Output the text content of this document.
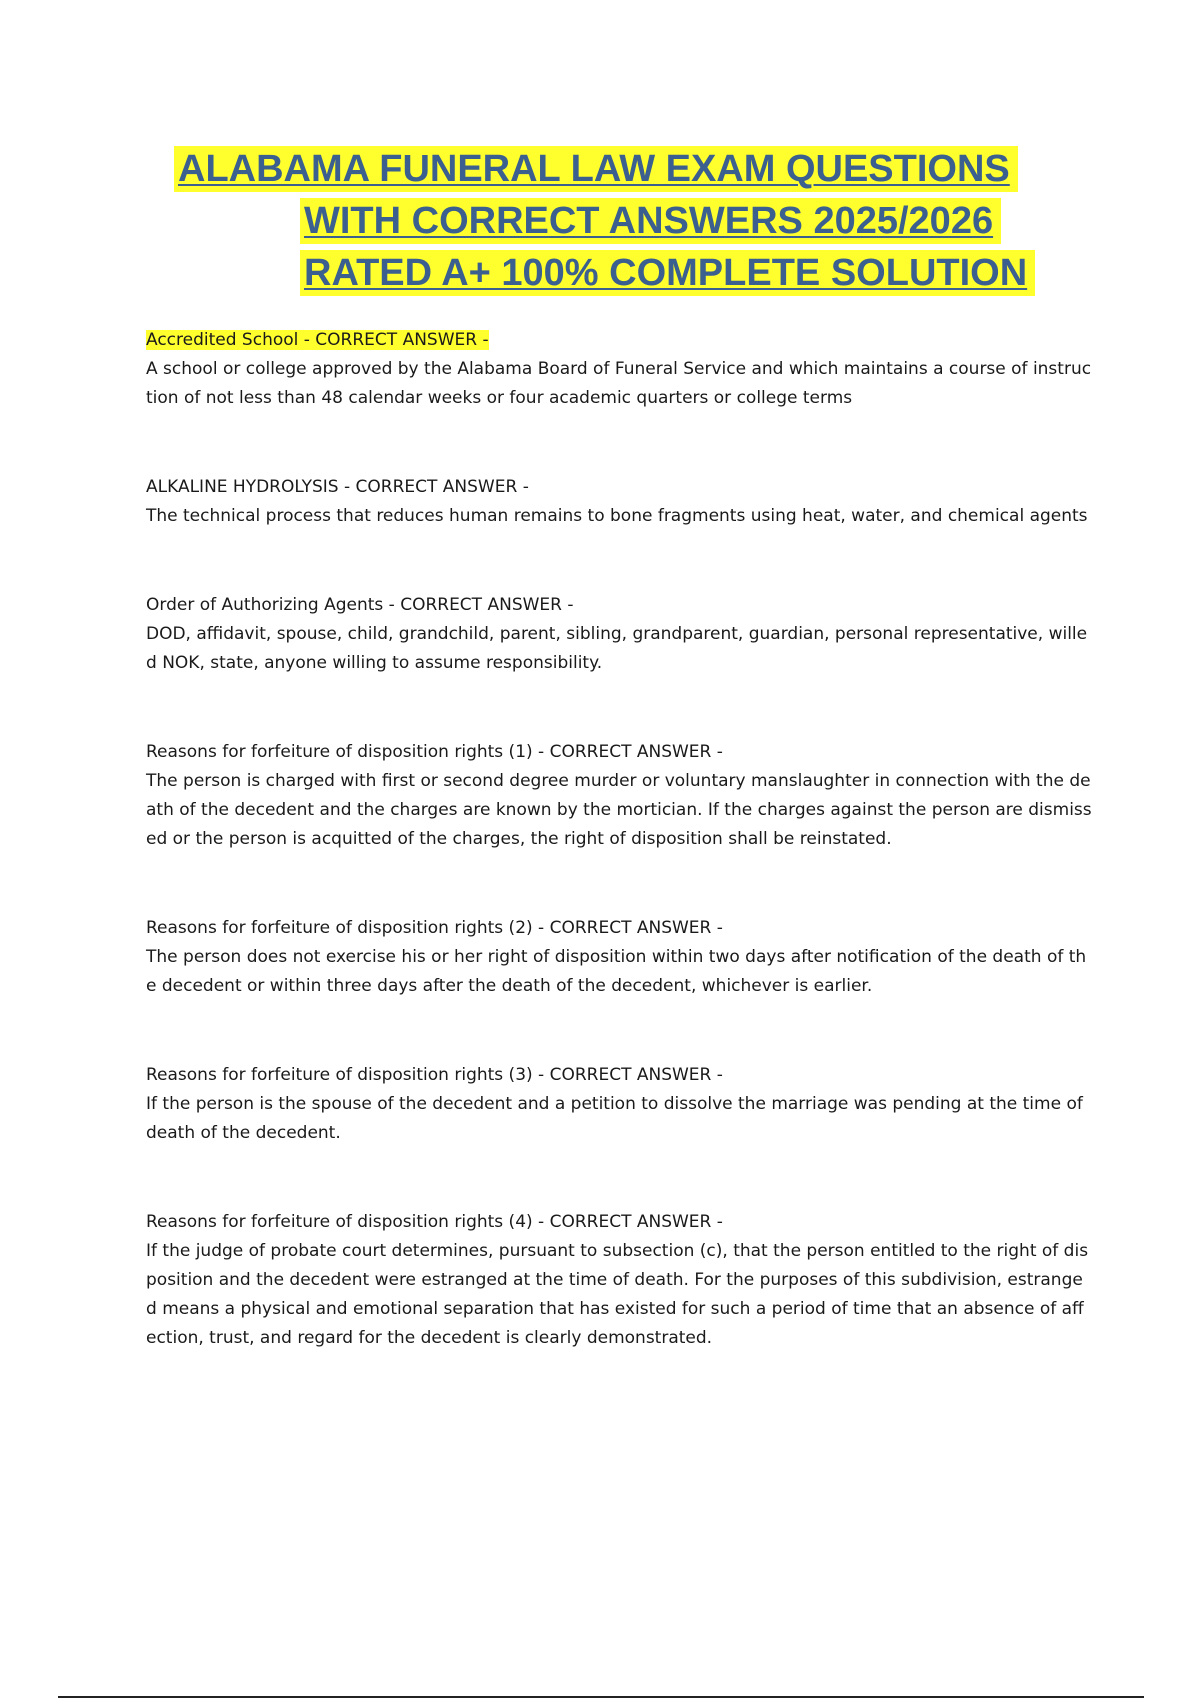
ALABAMA FUNERAL LAW EXAM QUESTIONS
WITH CORRECT ANSWERS 2025/2026
RATED A+ 100% COMPLETE SOLUTION
Accredited School - CORRECT ANSWER -
A school or college approved by the Alabama Board of Funeral Service and which maintains a course of instruction of not less than 48 calendar weeks or four academic quarters or college terms
ALKALINE HYDROLYSIS - CORRECT ANSWER -
The technical process that reduces human remains to bone fragments using heat, water, and chemical agents
Order of Authorizing Agents - CORRECT ANSWER -
DOD, affidavit, spouse, child, grandchild, parent, sibling, grandparent, guardian, personal representative, willed NOK, state, anyone willing to assume responsibility.
Reasons for forfeiture of disposition rights (1) - CORRECT ANSWER -
The person is charged with first or second degree murder or voluntary manslaughter in connection with the death of the decedent and the charges are known by the mortician. If the charges against the person are dismissed or the person is acquitted of the charges, the right of disposition shall be reinstated.
Reasons for forfeiture of disposition rights (2) - CORRECT ANSWER -
The person does not exercise his or her right of disposition within two days after notification of the death of the decedent or within three days after the death of the decedent, whichever is earlier.
Reasons for forfeiture of disposition rights (3) - CORRECT ANSWER -
If the person is the spouse of the decedent and a petition to dissolve the marriage was pending at the time of death of the decedent.
Reasons for forfeiture of disposition rights (4) - CORRECT ANSWER -
If the judge of probate court determines, pursuant to subsection (c), that the person entitled to the right of disposition and the decedent were estranged at the time of death. For the purposes of this subdivision, estranged means a physical and emotional separation that has existed for such a period of time that an absence of affection, trust, and regard for the decedent is clearly demonstrated.
